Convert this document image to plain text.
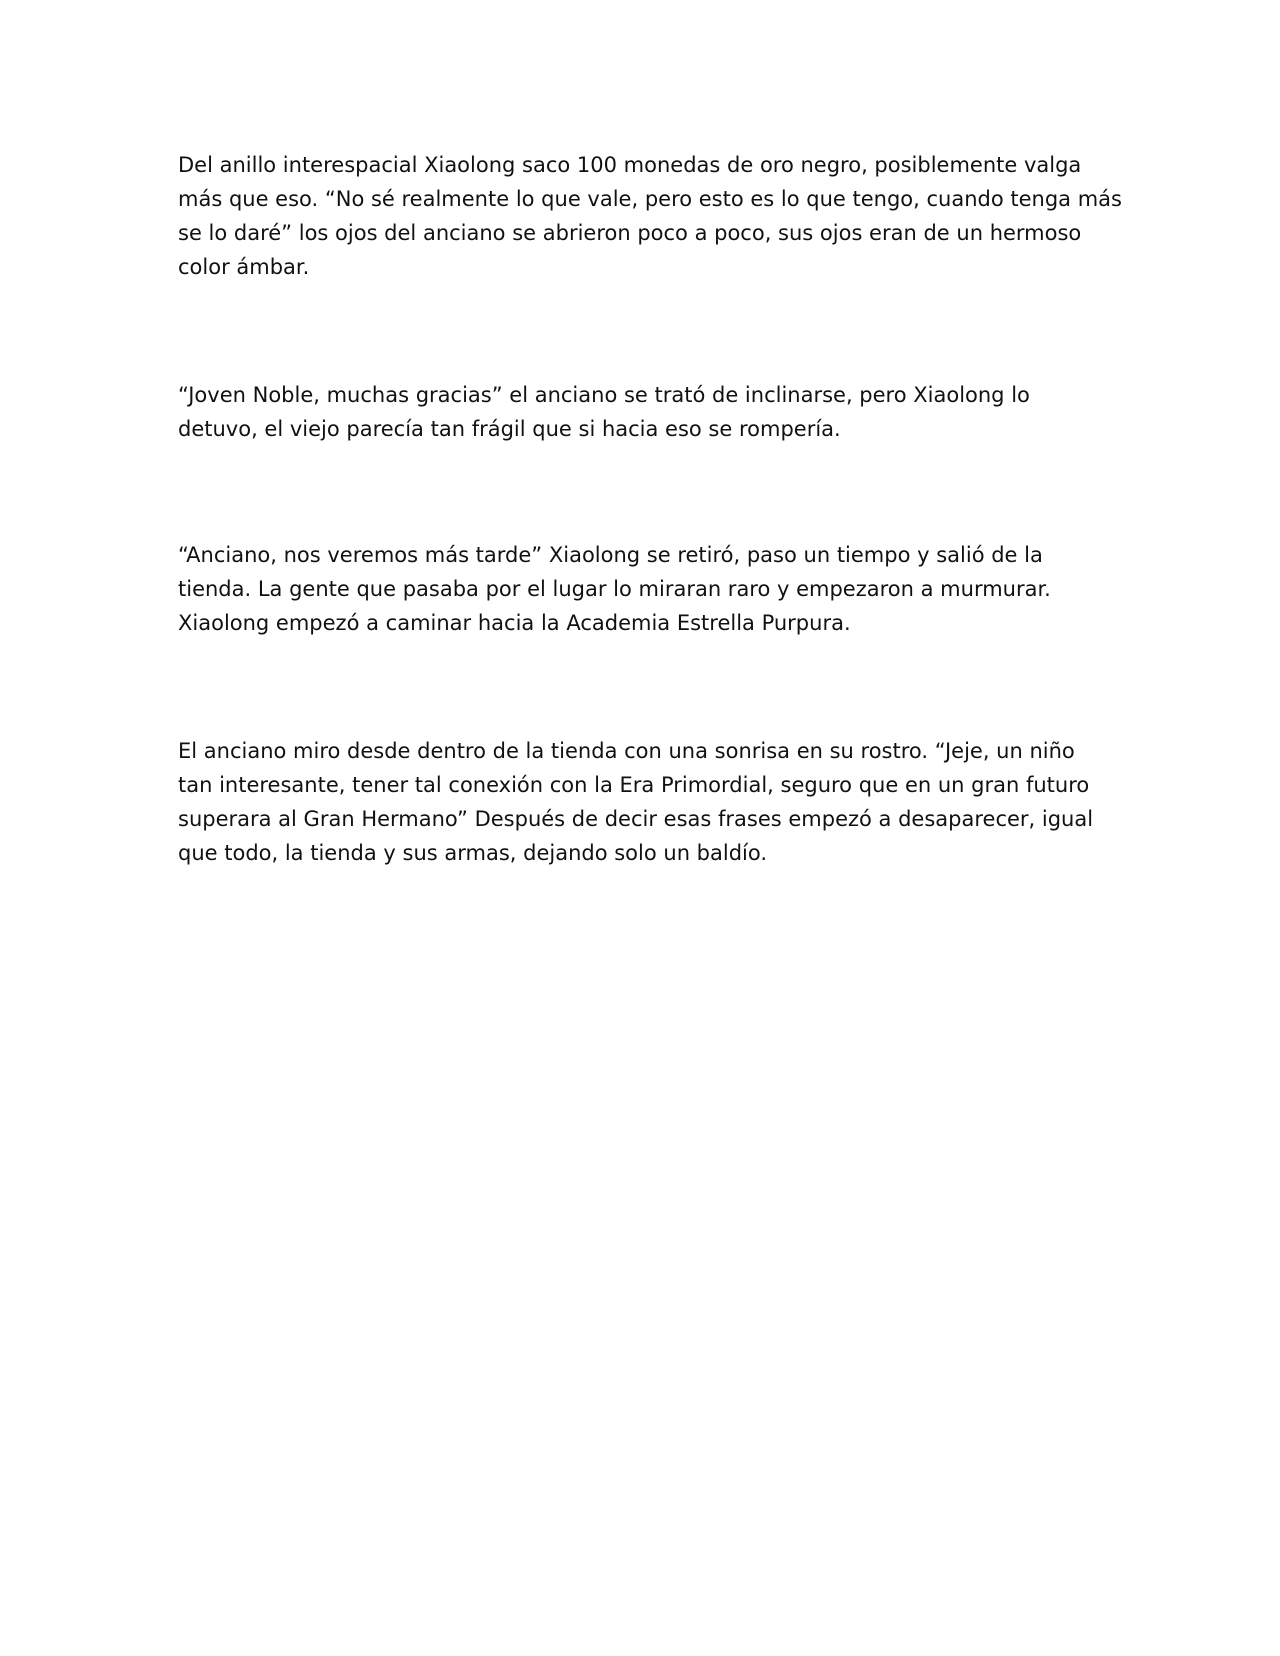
Del anillo interespacial Xiaolong saco 100 monedas de oro negro, posiblemente valga
más que eso. “No sé realmente lo que vale, pero esto es lo que tengo, cuando tenga más
se lo daré” los ojos del anciano se abrieron poco a poco, sus ojos eran de un hermoso
color ámbar.

“Joven Noble, muchas gracias” el anciano se trató de inclinarse, pero Xiaolong lo
detuvo, el viejo parecía tan frágil que si hacia eso se rompería.

“Anciano, nos veremos más tarde” Xiaolong se retiró, paso un tiempo y salió de la
tienda. La gente que pasaba por el lugar lo miraran raro y empezaron a murmurar.
Xiaolong empezó a caminar hacia la Academia Estrella Purpura.

El anciano miro desde dentro de la tienda con una sonrisa en su rostro. “Jeje, un niño
tan interesante, tener tal conexión con la Era Primordial, seguro que en un gran futuro
superara al Gran Hermano” Después de decir esas frases empezó a desaparecer, igual
que todo, la tienda y sus armas, dejando solo un baldío.
